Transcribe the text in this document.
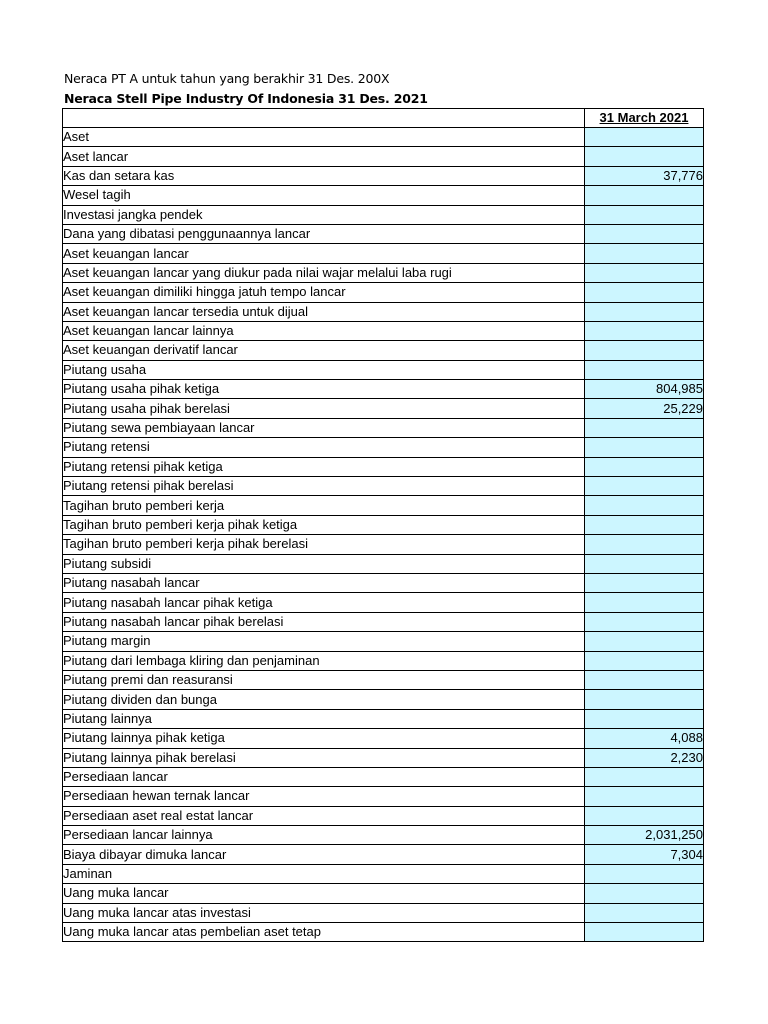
Neraca PT A untuk tahun yang berakhir 31 Des. 200X
Neraca Stell Pipe Industry Of Indonesia 31 Des. 2021
	31 March 2021
Aset	
Aset lancar	
Kas dan setara kas	37,776
Wesel tagih	
Investasi jangka pendek	
Dana yang dibatasi penggunaannya lancar	
Aset keuangan lancar	
Aset keuangan lancar yang diukur pada nilai wajar melalui laba rugi	
Aset keuangan dimiliki hingga jatuh tempo lancar	
Aset keuangan lancar tersedia untuk dijual	
Aset keuangan lancar lainnya	
Aset keuangan derivatif lancar	
Piutang usaha	
Piutang usaha pihak ketiga	804,985
Piutang usaha pihak berelasi	25,229
Piutang sewa pembiayaan lancar	
Piutang retensi	
Piutang retensi pihak ketiga	
Piutang retensi pihak berelasi	
Tagihan bruto pemberi kerja	
Tagihan bruto pemberi kerja pihak ketiga	
Tagihan bruto pemberi kerja pihak berelasi	
Piutang subsidi	
Piutang nasabah lancar	
Piutang nasabah lancar pihak ketiga	
Piutang nasabah lancar pihak berelasi	
Piutang margin	
Piutang dari lembaga kliring dan penjaminan	
Piutang premi dan reasuransi	
Piutang dividen dan bunga	
Piutang lainnya	
Piutang lainnya pihak ketiga	4,088
Piutang lainnya pihak berelasi	2,230
Persediaan lancar	
Persediaan hewan ternak lancar	
Persediaan aset real estat lancar	
Persediaan lancar lainnya	2,031,250
Biaya dibayar dimuka lancar	7,304
Jaminan	
Uang muka lancar	
Uang muka lancar atas investasi	
Uang muka lancar atas pembelian aset tetap	
